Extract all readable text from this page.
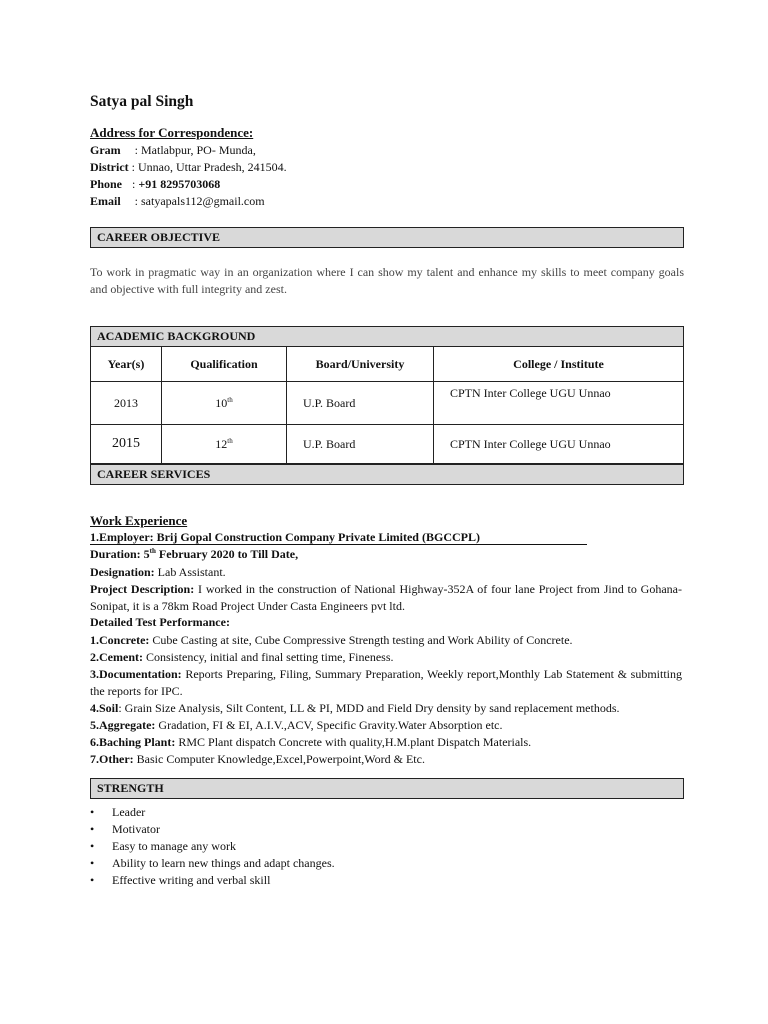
Satya pal Singh
Address for Correspondence:
Gram : Matlabpur, PO- Munda,
District : Unnao, Uttar Pradesh, 241504.
Phone : +91 8295703068
Email : satyapals112@gmail.com
CAREER OBJECTIVE
To work in pragmatic way in an organization where I can show my talent and enhance my skills to meet company goals and objective with full integrity and zest.
ACADEMIC BACKGROUND
Year(s)	Qualification	Board/University	College / Institute
2013	10th	U.P. Board	CPTN Inter College UGU Unnao
2015	12th	U.P. Board	CPTN Inter College UGU Unnao
CAREER SERVICES
Work Experience
1.Employer: Brij Gopal Construction Company Private Limited (BGCCPL)
Duration: 5th February 2020 to Till Date,
Designation: Lab Assistant.
Project Description: I worked in the construction of National Highway-352A of four lane Project from Jind to Gohana-Sonipat, it is a 78km Road Project Under Casta Engineers pvt ltd.
Detailed Test Performance:
1.Concrete: Cube Casting at site, Cube Compressive Strength testing and Work Ability of Concrete.
2.Cement: Consistency, initial and final setting time, Fineness.
3.Documentation: Reports Preparing, Filing, Summary Preparation, Weekly report,Monthly Lab Statement & submitting the reports for IPC.
4.Soil: Grain Size Analysis, Silt Content, LL & PI, MDD and Field Dry density by sand replacement methods.
5.Aggregate: Gradation, FI & EI, A.I.V.,ACV, Specific Gravity.Water Absorption etc.
6.Baching Plant: RMC Plant dispatch Concrete with quality,H.M.plant Dispatch Materials.
7.Other: Basic Computer Knowledge,Excel,Powerpoint,Word & Etc.
STRENGTH
• Leader
• Motivator
• Easy to manage any work
• Ability to learn new things and adapt changes.
• Effective writing and verbal skill
